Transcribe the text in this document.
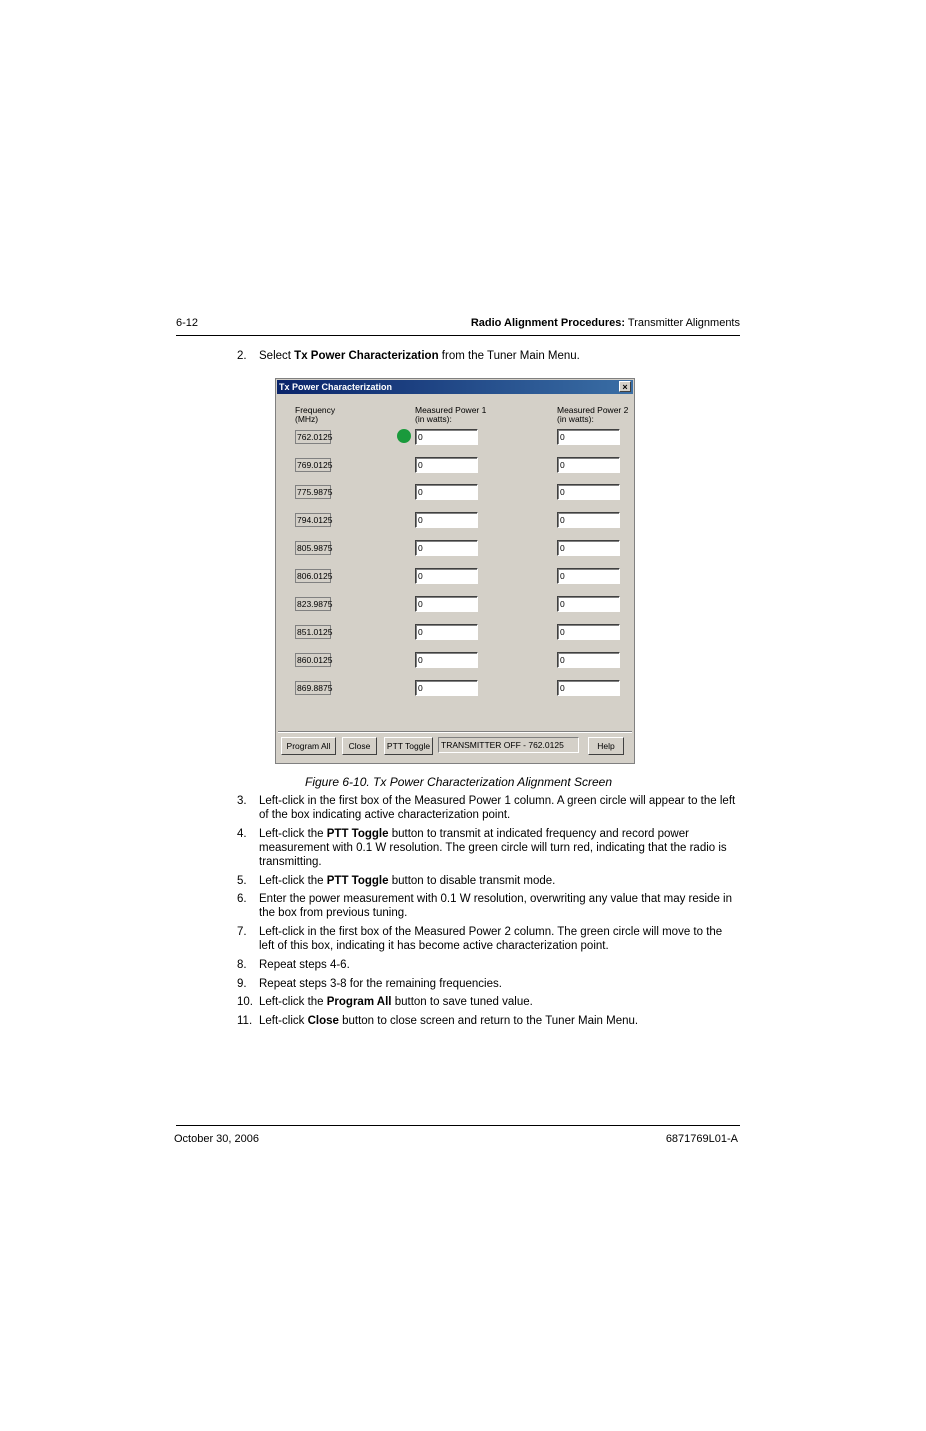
6-12	Radio Alignment Procedures: Transmitter Alignments
2.	Select Tx Power Characterization from the Tuner Main Menu.
Tx Power Characterization	×
Frequency
(MHz)
Measured Power 1
(in watts):
Measured Power 2
(in watts):
762.0125	0	0
769.0125	0	0
775.9875	0	0
794.0125	0	0
805.9875	0	0
806.0125	0	0
823.9875	0	0
851.0125	0	0
860.0125	0	0
869.8875	0	0
Program All	Close	PTT Toggle	TRANSMITTER OFF - 762.0125	Help
Figure 6-10. Tx Power Characterization Alignment Screen
3.	Left-click in the first box of the Measured Power 1 column. A green circle will appear to the left of the box indicating active characterization point.
4.	Left-click the PTT Toggle button to transmit at indicated frequency and record power measurement with 0.1 W resolution. The green circle will turn red, indicating that the radio is transmitting.
5.	Left-click the PTT Toggle button to disable transmit mode.
6.	Enter the power measurement with 0.1 W resolution, overwriting any value that may reside in the box from previous tuning.
7.	Left-click in the first box of the Measured Power 2 column. The green circle will move to the left of this box, indicating it has become active characterization point.
8.	Repeat steps 4-6.
9.	Repeat steps 3-8 for the remaining frequencies.
10. Left-click the Program All button to save tuned value.
11. Left-click Close button to close screen and return to the Tuner Main Menu.
October 30, 2006	6871769L01-A
